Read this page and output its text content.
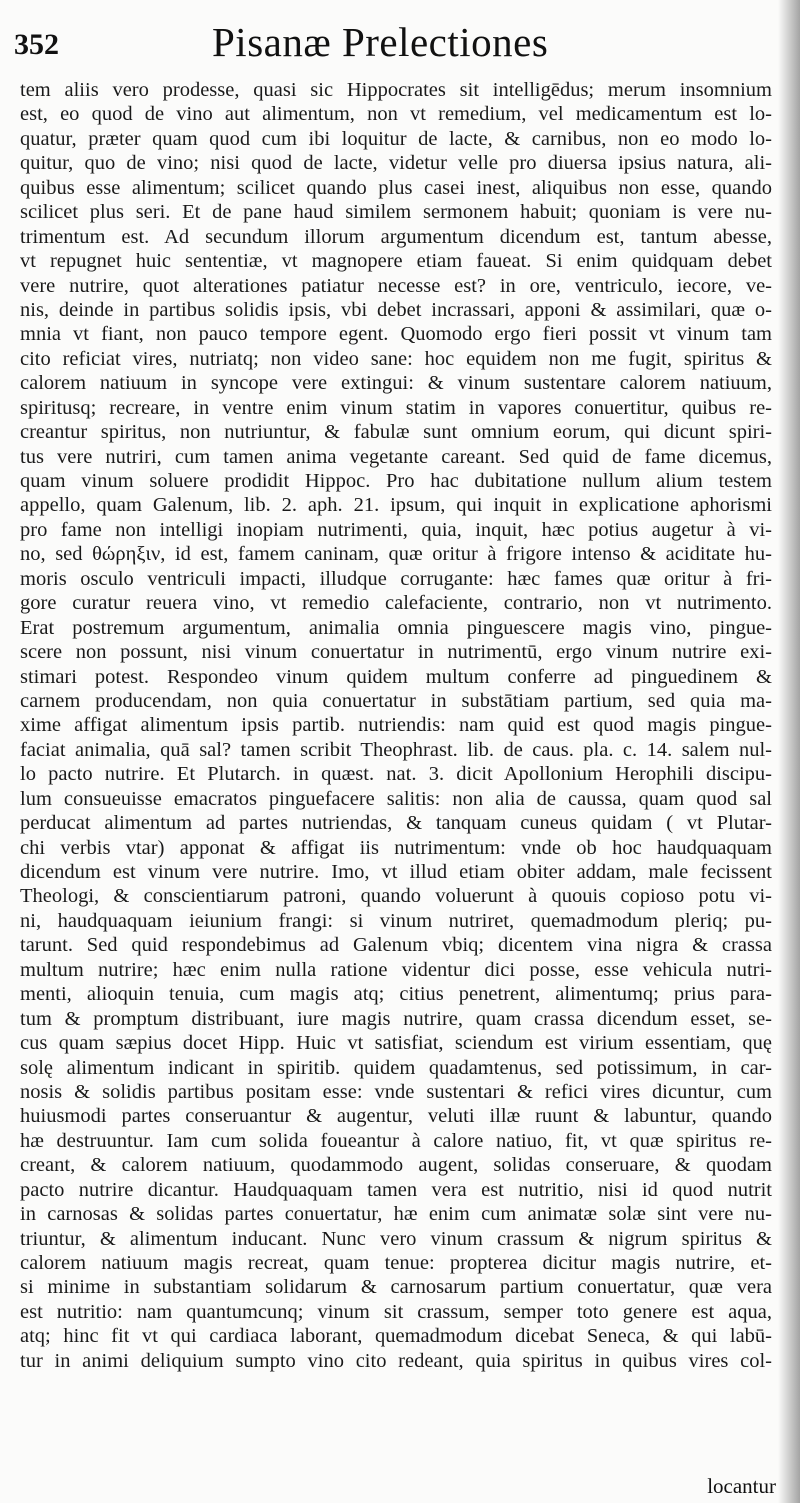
352	Pisanæ Prelectiones
tem aliis vero prodesse, quasi sic Hippocrates sit intelligēdus; merum insomnium
est, eo quod de vino aut alimentum, non vt remedium, vel medicamentum est lo-
quatur, præter quam quod cum ibi loquitur de lacte, & carnibus, non eo modo lo-
quitur, quo de vino; nisi quod de lacte, videtur velle pro diuersa ipsius natura, ali-
quibus esse alimentum; scilicet quando plus casei inest, aliquibus non esse, quando
scilicet plus seri. Et de pane haud similem sermonem habuit; quoniam is vere nu-
trimentum est. Ad secundum illorum argumentum dicendum est, tantum abesse,
vt repugnet huic sententiæ, vt magnopere etiam faueat. Si enim quidquam debet
vere nutrire, quot alterationes patiatur necesse est? in ore, ventriculo, iecore, ve-
nis, deinde in partibus solidis ipsis, vbi debet incrassari, apponi & assimilari, quæ o-
mnia vt fiant, non pauco tempore egent. Quomodo ergo fieri possit vt vinum tam
cito reficiat vires, nutriatq; non video sane: hoc equidem non me fugit, spiritus &
calorem natiuum in syncope vere extingui: & vinum sustentare calorem natiuum,
spiritusq; recreare, in ventre enim vinum statim in vapores conuertitur, quibus re-
creantur spiritus, non nutriuntur, & fabulæ sunt omnium eorum, qui dicunt spiri-
tus vere nutriri, cum tamen anima vegetante careant. Sed quid de fame dicemus,
quam vinum soluere prodidit Hippoc. Pro hac dubitatione nullum alium testem
appello, quam Galenum, lib. 2. aph. 21. ipsum, qui inquit in explicatione aphorismi
pro fame non intelligi inopiam nutrimenti, quia, inquit, hæc potius augetur à vi-
no, sed θώρηξιν, id est, famem caninam, quæ oritur à frigore intenso & aciditate hu-
moris osculo ventriculi impacti, illudque corrugante: hæc fames quæ oritur à fri-
gore curatur reuera vino, vt remedio calefaciente, contrario, non vt nutrimento.
Erat postremum argumentum, animalia omnia pinguescere magis vino, pingue-
scere non possunt, nisi vinum conuertatur in nutrimentū, ergo vinum nutrire exi-
stimari potest. Respondeo vinum quidem multum conferre ad pinguedinem &
carnem producendam, non quia conuertatur in substātiam partium, sed quia ma-
xime affigat alimentum ipsis partib. nutriendis: nam quid est quod magis pingue-
faciat animalia, quā sal? tamen scribit Theophrast. lib. de caus. pla. c. 14. salem nul-
lo pacto nutrire. Et Plutarch. in quæst. nat. 3. dicit Apollonium Herophili discipu-
lum consueuisse emacratos pinguefacere salitis: non alia de caussa, quam quod sal
perducat alimentum ad partes nutriendas, & tanquam cuneus quidam ( vt Plutar-
chi verbis vtar) apponat & affigat iis nutrimentum: vnde ob hoc haudquaquam
dicendum est vinum vere nutrire. Imo, vt illud etiam obiter addam, male fecissent
Theologi, & conscientiarum patroni, quando voluerunt à quouis copioso potu vi-
ni, haudquaquam ieiunium frangi: si vinum nutriret, quemadmodum pleriq; pu-
tarunt. Sed quid respondebimus ad Galenum vbiq; dicentem vina nigra & crassa
multum nutrire; hæc enim nulla ratione videntur dici posse, esse vehicula nutri-
menti, alioquin tenuia, cum magis atq; citius penetrent, alimentumq; prius para-
tum & promptum distribuant, iure magis nutrire, quam crassa dicendum esset, se-
cus quam sæpius docet Hipp. Huic vt satisfiat, sciendum est virium essentiam, quę
solę alimentum indicant in spiritib. quidem quadamtenus, sed potissimum, in car-
nosis & solidis partibus positam esse: vnde sustentari & refici vires dicuntur, cum
huiusmodi partes conseruantur & augentur, veluti illæ ruunt & labuntur, quando
hæ destruuntur. Iam cum solida foueantur à calore natiuo, fit, vt quæ spiritus re-
creant, & calorem natiuum, quodammodo augent, solidas conseruare, & quodam
pacto nutrire dicantur. Haudquaquam tamen vera est nutritio, nisi id quod nutrit
in carnosas & solidas partes conuertatur, hæ enim cum animatæ solæ sint vere nu-
triuntur, & alimentum inducant. Nunc vero vinum crassum & nigrum spiritus &
calorem natiuum magis recreat, quam tenue: propterea dicitur magis nutrire, et-
si minime in substantiam solidarum & carnosarum partium conuertatur, quæ vera
est nutritio: nam quantumcunq; vinum sit crassum, semper toto genere est aqua,
atq; hinc fit vt qui cardiaca laborant, quemadmodum dicebat Seneca, & qui labū-
tur in animi deliquium sumpto vino cito redeant, quia spiritus in quibus vires col-
locantur
